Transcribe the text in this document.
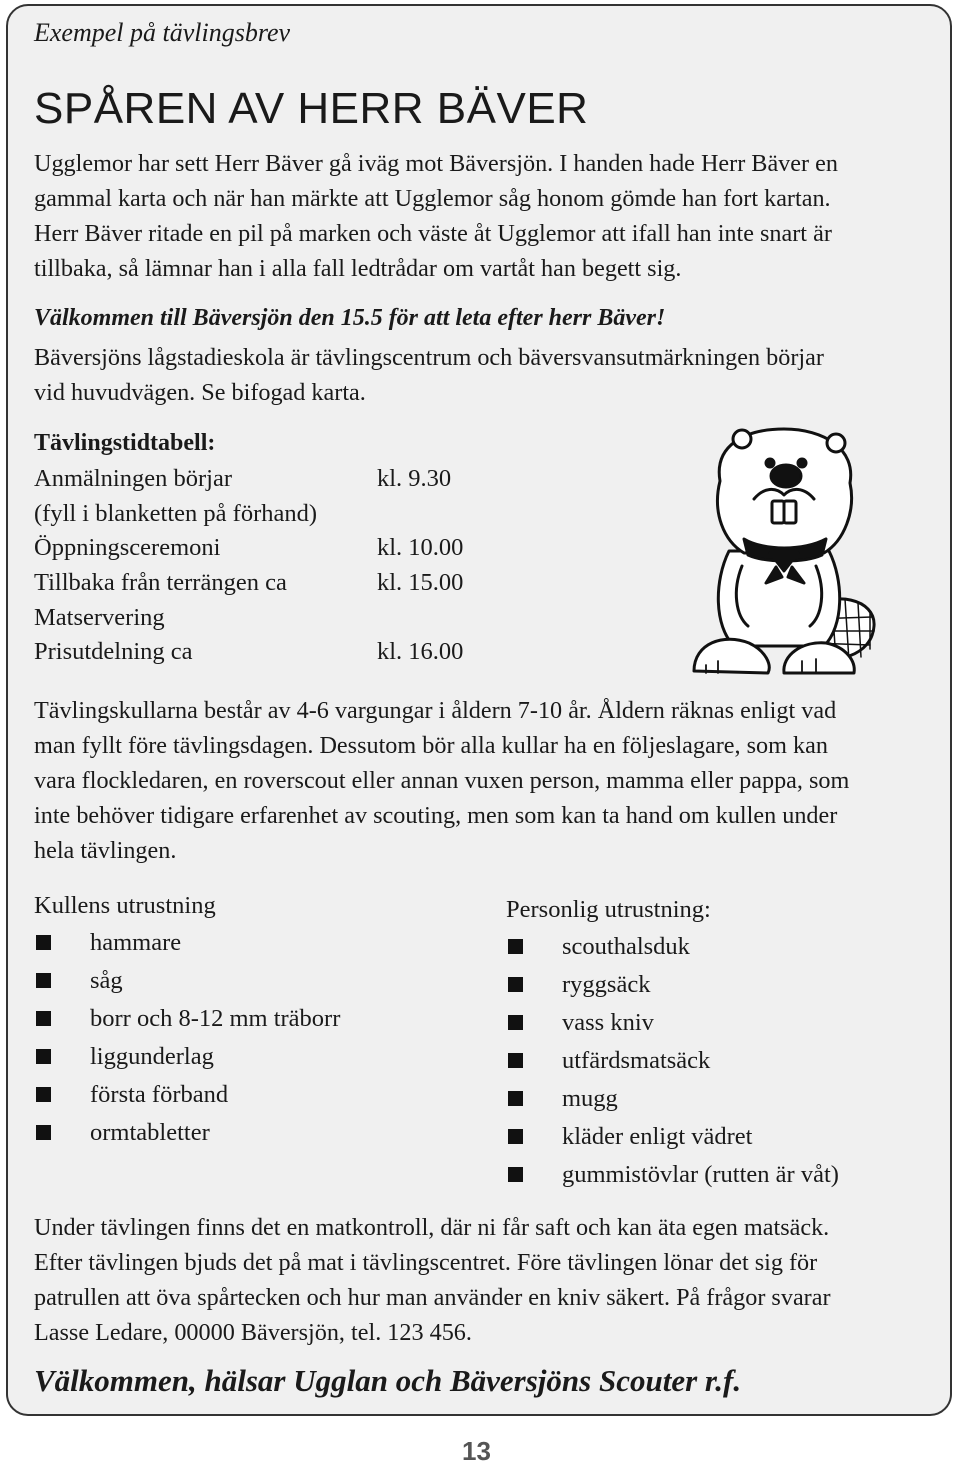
Exempel på tävlingsbrev
SPÅREN AV HERR BÄVER

Ugglemor har sett Herr Bäver gå iväg mot Bäversjön. I handen hade Herr Bäver en
gammal karta och när han märkte att Ugglemor såg honom gömde han fort kartan.
Herr Bäver ritade en pil på marken och väste åt Ugglemor att ifall han inte snart är
tillbaka, så lämnar han i alla fall ledtrådar om vartåt han begett sig.

Välkommen till Bäversjön den 15.5 för att leta efter herr Bäver!

Bäversjöns lågstadieskola är tävlingscentrum och bäversvansutmärkningen börjar
vid huvudvägen. Se bifogad karta.

Tävlingstidtabell:
Anmälningen börjar	kl. 9.30
(fyll i blanketten på förhand)
Öppningsceremoni	kl. 10.00
Tillbaka från terrängen ca	kl. 15.00
Matservering
Prisutdelning ca	kl. 16.00

Tävlingskullarna består av 4-6 vargungar i åldern 7-10 år. Åldern räknas enligt vad
man fyllt före tävlingsdagen. Dessutom bör alla kullar ha en följeslagare, som kan
vara flockledaren, en roverscout eller annan vuxen person, mamma eller pappa, som
inte behöver tidigare erfarenhet av scouting, men som kan ta hand om kullen under
hela tävlingen.

Kullens utrustning
hammare
såg
borr och 8-12 mm träborr
liggunderlag
första förband
ormtabletter
Personlig utrustning:
scouthalsduk
ryggsäck
vass kniv
utfärdsmatsäck
mugg
kläder enligt vädret
gummistövlar (rutten är våt)

Under tävlingen finns det en matkontroll, där ni får saft och kan äta egen matsäck.
Efter tävlingen bjuds det på mat i tävlingscentret. Före tävlingen lönar det sig för
patrullen att öva spårtecken och hur man använder en kniv säkert. På frågor svarar
Lasse Ledare, 00000 Bäversjön, tel. 123 456.

Välkommen, hälsar Ugglan och Bäversjöns Scouter r.f.
13
